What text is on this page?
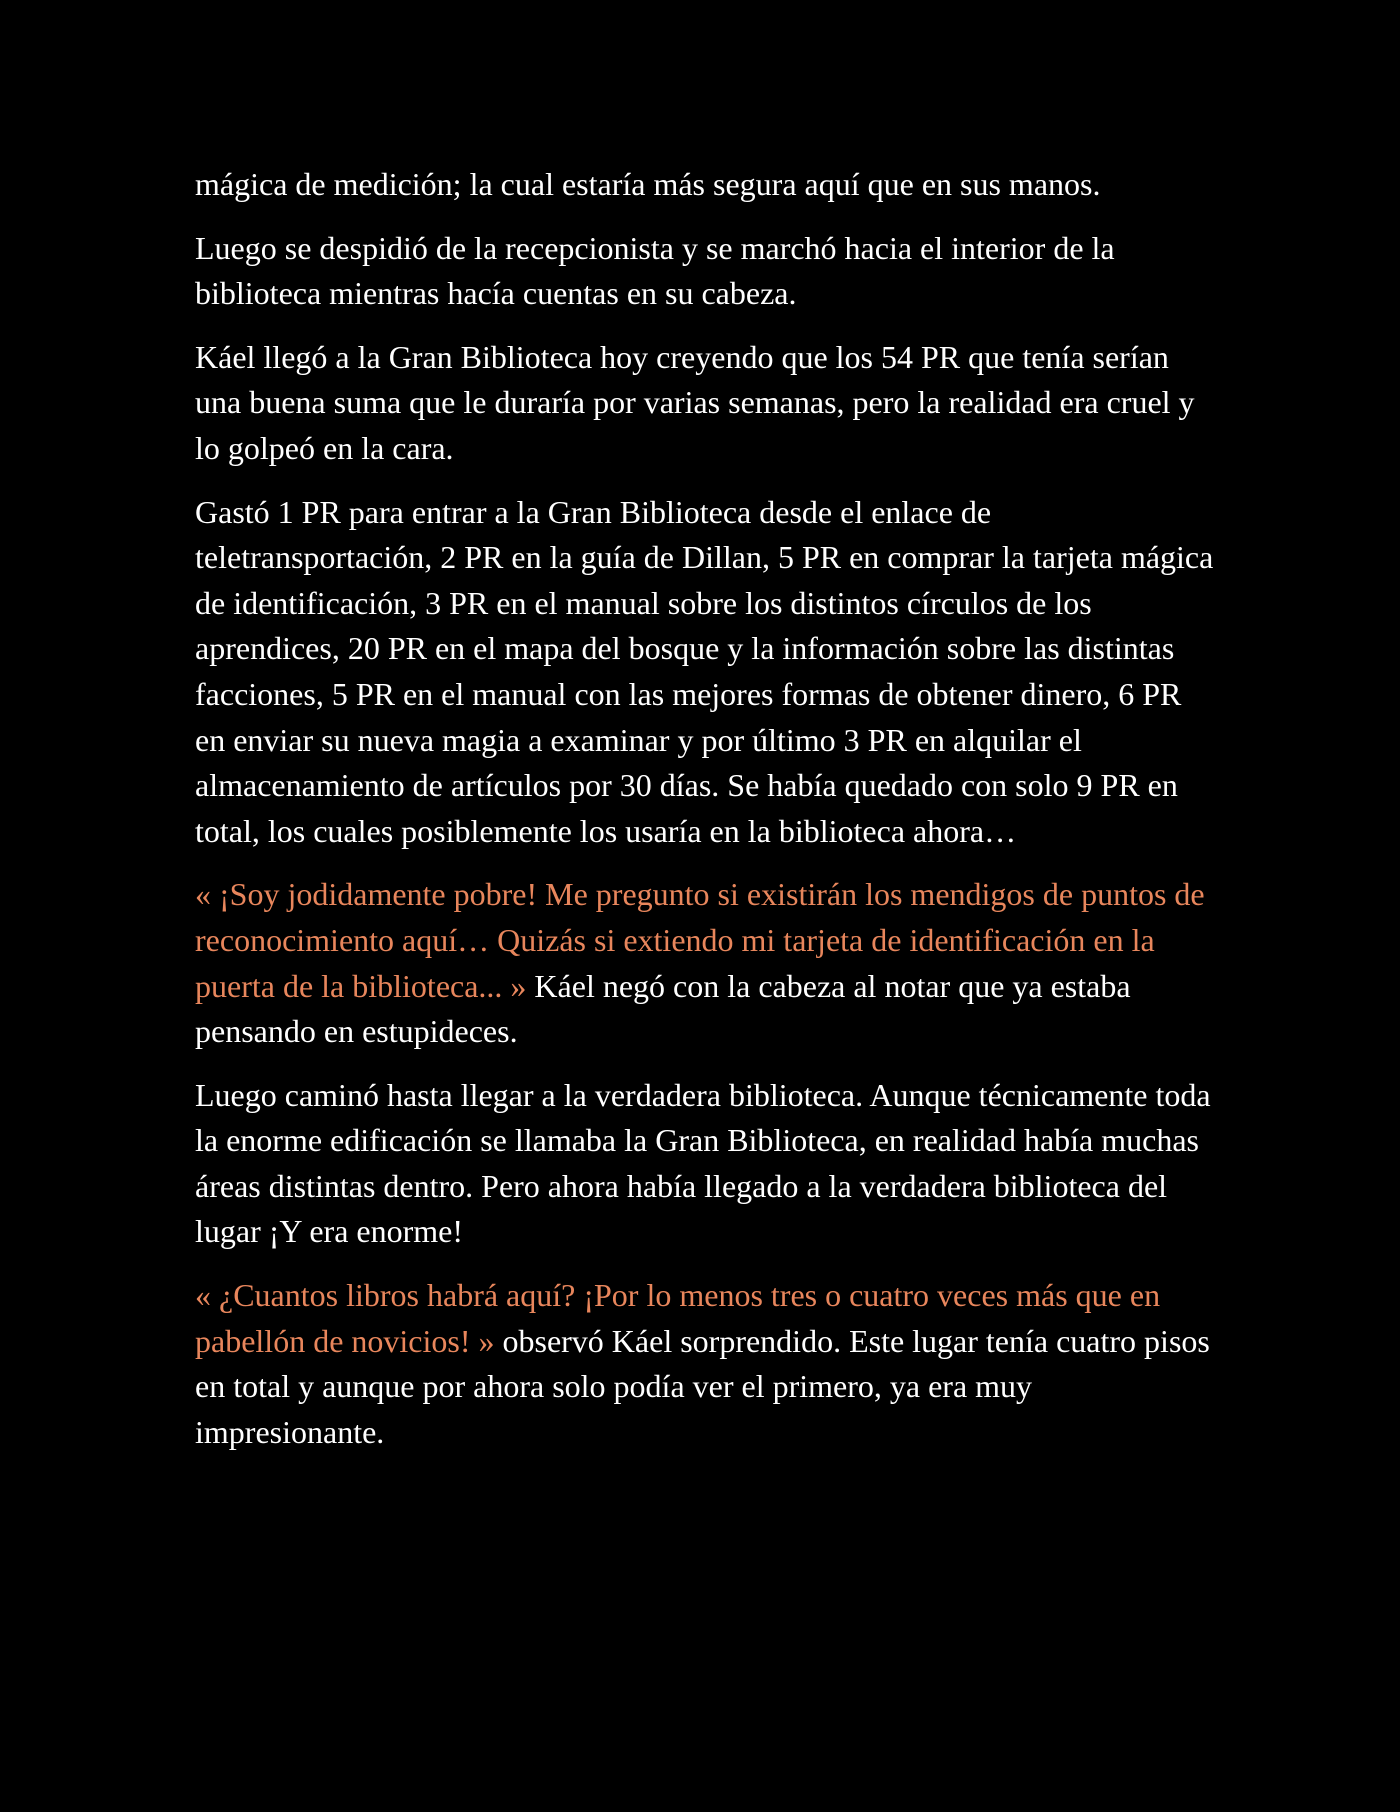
mágica de medición; la cual estaría más segura aquí que en sus manos.

Luego se despidió de la recepcionista y se marchó hacia el interior de la biblioteca mientras hacía cuentas en su cabeza.

Káel llegó a la Gran Biblioteca hoy creyendo que los 54 PR que tenía serían una buena suma que le duraría por varias semanas, pero la realidad era cruel y lo golpeó en la cara.

Gastó 1 PR para entrar a la Gran Biblioteca desde el enlace de teletransportación, 2 PR en la guía de Dillan, 5 PR en comprar la tarjeta mágica de identificación, 3 PR en el manual sobre los distintos círculos de los aprendices, 20 PR en el mapa del bosque y la información sobre las distintas facciones, 5 PR en el manual con las mejores formas de obtener dinero, 6 PR en enviar su nueva magia a examinar y por último 3 PR en alquilar el almacenamiento de artículos por 30 días. Se había quedado con solo 9 PR en total, los cuales posiblemente los usaría en la biblioteca ahora…

« ¡Soy jodidamente pobre! Me pregunto si existirán los mendigos de puntos de reconocimiento aquí… Quizás si extiendo mi tarjeta de identificación en la puerta de la biblioteca... » Káel negó con la cabeza al notar que ya estaba pensando en estupideces.

Luego caminó hasta llegar a la verdadera biblioteca. Aunque técnicamente toda la enorme edificación se llamaba la Gran Biblioteca, en realidad había muchas áreas distintas dentro. Pero ahora había llegado a la verdadera biblioteca del lugar ¡Y era enorme!

« ¿Cuantos libros habrá aquí? ¡Por lo menos tres o cuatro veces más que en pabellón de novicios! » observó Káel sorprendido. Este lugar tenía cuatro pisos en total y aunque por ahora solo podía ver el primero, ya era muy impresionante.
